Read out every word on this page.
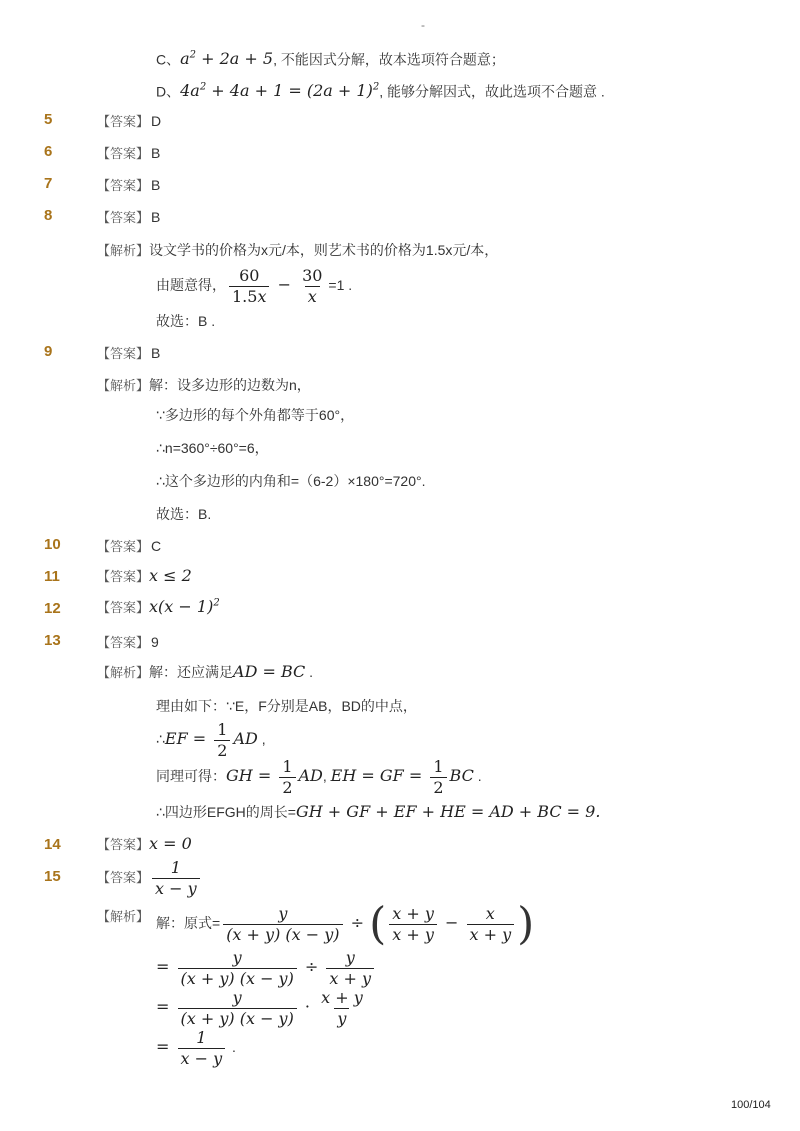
-
C、$a^2 + 2a + 5$, 不能因式分解，故本选项符合题意；
D、$4a^2 + 4a + 1 = (2a + 1)^2$, 能够分解因式，故此选项不合题意 .
5	【答案】 D
6	【答案】 B
7	【答案】 B
8	【答案】 B
【解析】设文学书的价格为x元/本，则艺术书的价格为1.5x元/本，
由题意得， $\frac{60}{1.5x} - \frac{30}{x} =1$ .
故选：B .
9	【答案】 B
【解析】解：设多边形的边数为n，
∵多边形的每个外角都等于60°，
∴n=360°÷60°=6，
∴这个多边形的内角和=（6-2）×180°=720°.
故选：B.
10	【答案】 C
11	【答案】x ≤ 2
12	【答案】$x(x - 1)^2$
13	【答案】 9
【解析】解：还应满足AD = BC .
理由如下：∵E，F分别是AB，BD的中点，
∴EF = $\frac{1}{2}$ AD ,
同理可得：GH = $\frac{1}{2}$ AD, EH = GF = $\frac{1}{2}$ BC .
∴四边形EFGH的周长=GH + GF + EF + HE = AD + BC = 9.
14	【答案】x = 0
15	【答案】 $\frac{1}{x - y}$
【解析】 解：原式= $\frac{y}{(x + y) (x - y)}$ ÷ ( $\frac{x + y}{x + y} - \frac{x}{x + y}$ )
= $\frac{y}{(x + y) (x - y)} \div \frac{y}{x + y}$
= $\frac{y}{(x + y) (x - y)} \cdot \frac{x + y}{y}$
= $\frac{1}{x - y}$ .
100/104
